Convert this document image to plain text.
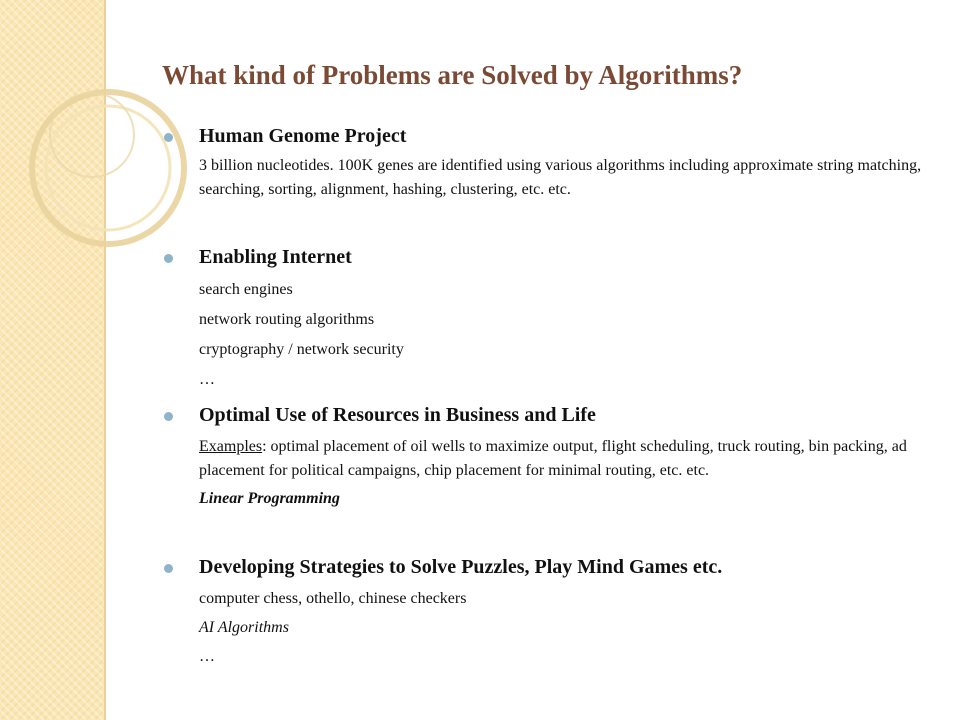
What kind of Problems are Solved by Algorithms?
Human Genome Project
3 billion nucleotides. 100K genes are identified using various algorithms including approximate string matching, searching, sorting, alignment, hashing, clustering, etc. etc.
Enabling Internet
search engines
network routing algorithms
cryptography / network security
…
Optimal Use of Resources in Business and Life
Examples: optimal placement of oil wells to maximize output, flight scheduling, truck routing, bin packing, ad placement for political campaigns, chip placement for minimal routing, etc. etc.
Linear Programming
Developing Strategies to Solve Puzzles, Play Mind Games etc.
computer chess, othello, chinese checkers
AI Algorithms
…
